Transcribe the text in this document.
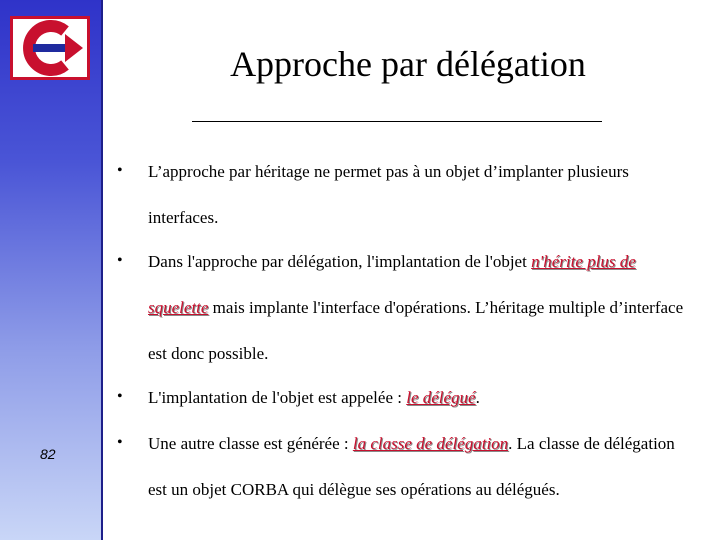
82
Approche par délégation
• L’approche par héritage ne permet pas à un objet d’implanter plusieurs interfaces.
• Dans l'approche par délégation, l'implantation de l'objet n'hérite plus de squelette mais implante l'interface d'opérations. L’héritage multiple d’interface est donc possible.
• L'implantation de l'objet est appelée : le délégué.
• Une autre classe est générée : la classe de délégation. La classe de délégation est un objet CORBA qui délègue ses opérations au délégués.
